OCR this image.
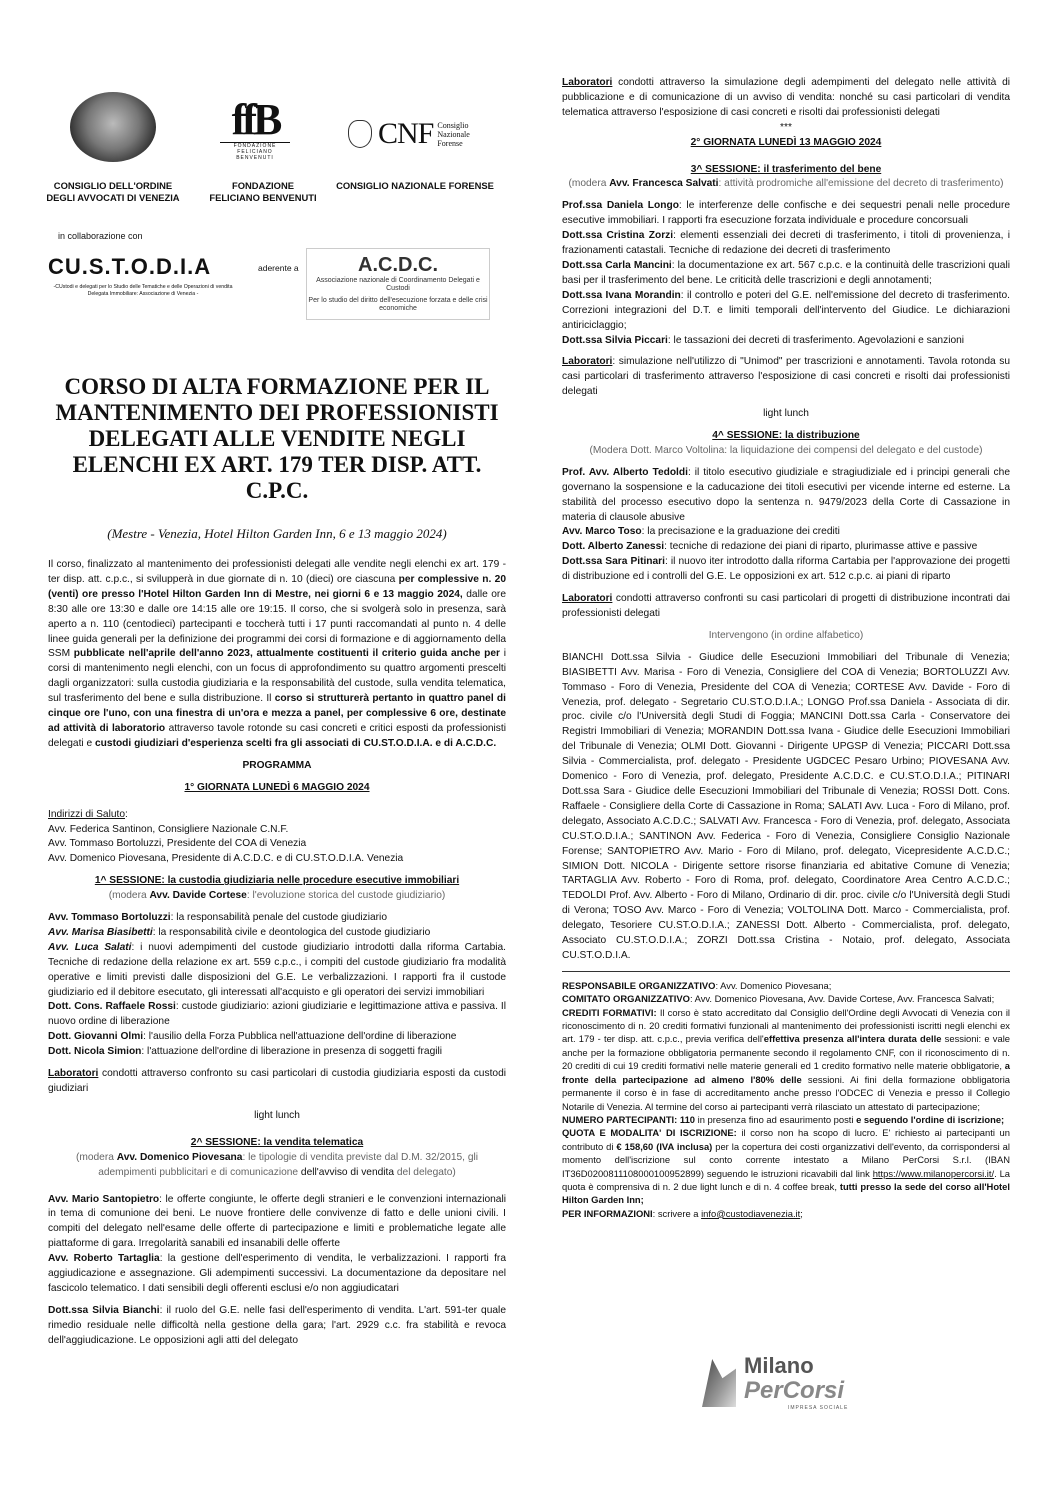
ffB
FONDAZIONE FELICIANO BENVENUTI
CNF Consiglio
Nazionale
Forense
CONSIGLIO DELL'ORDINE
DEGLI AVVOCATI DI VENEZIA
FONDAZIONE
FELICIANO BENVENUTI
CONSIGLIO NAZIONALE FORENSE
in collaborazione con
CU.S.T.O.D.I.A
-CUstodi e delegati per lo Studio delle Tematiche e delle Operazioni di vendita Delegata Immobiliare: Associazione di Venezia -
aderente a	A.C.D.C.
Associazione nazionale di Coordinamento Delegati e Custodi
Per lo studio del diritto dell'esecuzione forzata e delle crisi economiche
CORSO DI ALTA FORMAZIONE PER IL MANTENIMENTO DEI PROFESSIONISTI DELEGATI ALLE VENDITE NEGLI ELENCHI EX ART. 179 TER DISP. ATT. C.P.C.
(Mestre - Venezia, Hotel Hilton Garden Inn, 6 e 13 maggio 2024)

Il corso, finalizzato al mantenimento dei professionisti delegati alle vendite negli elenchi ex art. 179 - ter disp. att. c.p.c., si svilupperà in due giornate di n. 10 (dieci) ore ciascuna per complessive n. 20 (venti) ore presso l'Hotel Hilton Garden Inn di Mestre, nei giorni 6 e 13 maggio 2024, dalle ore 8:30 alle ore 13:30 e dalle ore 14:15 alle ore 19:15. Il corso, che si svolgerà solo in presenza, sarà aperto a n. 110 (centodieci) partecipanti e toccherà tutti i 17 punti raccomandati al punto n. 4 delle linee guida generali per la definizione dei programmi dei corsi di formazione e di aggiornamento della SSM pubblicate nell'aprile dell'anno 2023, attualmente costituenti il criterio guida anche per i corsi di mantenimento negli elenchi, con un focus di approfondimento su quattro argomenti prescelti dagli organizzatori: sulla custodia giudiziaria e la responsabilità del custode, sulla vendita telematica, sul trasferimento del bene e sulla distribuzione. Il corso si strutturerà pertanto in quattro panel di cinque ore l'uno, con una finestra di un'ora e mezza a panel, per complessive 6 ore, destinate ad attività di laboratorio attraverso tavole rotonde su casi concreti e critici esposti da professionisti delegati e custodi giudiziari d'esperienza scelti fra gli associati di CU.ST.O.D.I.A. e di A.C.D.C.

PROGRAMMA

1° GIORNATA LUNEDÌ 6 MAGGIO 2024

Indirizzi di Saluto:

Avv. Federica Santinon, Consigliere Nazionale C.N.F.

Avv. Tommaso Bortoluzzi, Presidente del COA di Venezia

Avv. Domenico Piovesana, Presidente di A.C.D.C. e di CU.ST.O.D.I.A. Venezia

1^ SESSIONE: la custodia giudiziaria nelle procedure esecutive immobiliari

(modera Avv. Davide Cortese: l'evoluzione storica del custode giudiziario)

Avv. Tommaso Bortoluzzi: la responsabilità penale del custode giudiziario

Avv. Marisa Biasibetti: la responsabilità civile e deontologica del custode giudiziario

Avv. Luca Salati: i nuovi adempimenti del custode giudiziario introdotti dalla riforma Cartabia. Tecniche di redazione della relazione ex art. 559 c.p.c., i compiti del custode giudiziario fra modalità operative e limiti previsti dalle disposizioni del G.E. Le verbalizzazioni. I rapporti fra il custode giudiziario ed il debitore esecutato, gli interessati all'acquisto e gli operatori dei servizi immobiliari

Dott. Cons. Raffaele Rossi: custode giudiziario: azioni giudiziarie e legittimazione attiva e passiva. Il nuovo ordine di liberazione

Dott. Giovanni Olmi: l'ausilio della Forza Pubblica nell'attuazione dell'ordine di liberazione

Dott. Nicola Simion: l'attuazione dell'ordine di liberazione in presenza di soggetti fragili

Laboratori condotti attraverso confronto su casi particolari di custodia giudiziaria esposti da custodi giudiziari

light lunch

2^ SESSIONE: la vendita telematica

(modera Avv. Domenico Piovesana: le tipologie di vendita previste dal D.M. 32/2015, gli adempimenti pubblicitari e di comunicazione dell'avviso di vendita del delegato)

Avv. Mario Santopietro: le offerte congiunte, le offerte degli stranieri e le convenzioni internazionali in tema di comunione dei beni. Le nuove frontiere delle convivenze di fatto e delle unioni civili. I compiti del delegato nell'esame delle offerte di partecipazione e limiti e problematiche legate alle piattaforme di gara. Irregolarità sanabili ed insanabili delle offerte

Avv. Roberto Tartaglia: la gestione dell'esperimento di vendita, le verbalizzazioni. I rapporti fra aggiudicazione e assegnazione. Gli adempimenti successivi. La documentazione da depositare nel fascicolo telematico. I dati sensibili degli offerenti esclusi e/o non aggiudicatari

Dott.ssa Silvia Bianchi: il ruolo del G.E. nelle fasi dell'esperimento di vendita. L'art. 591-ter quale rimedio residuale nelle difficoltà nella gestione della gara; l'art. 2929 c.c. fra stabilità e revoca dell'aggiudicazione. Le opposizioni agli atti del delegato

Laboratori condotti attraverso la simulazione degli adempimenti del delegato nelle attività di pubblicazione e di comunicazione di un avviso di vendita: nonché su casi particolari di vendita telematica attraverso l'esposizione di casi concreti e risolti dai professionisti delegati

***

2° GIORNATA LUNEDÌ 13 MAGGIO 2024

3^ SESSIONE: il trasferimento del bene

(modera Avv. Francesca Salvati: attività prodromiche all'emissione del decreto di trasferimento)

Prof.ssa Daniela Longo: le interferenze delle confische e dei sequestri penali nelle procedure esecutive immobiliari. I rapporti fra esecuzione forzata individuale e procedure concorsuali

Dott.ssa Cristina Zorzi: elementi essenziali dei decreti di trasferimento, i titoli di provenienza, i frazionamenti catastali. Tecniche di redazione dei decreti di trasferimento

Dott.ssa Carla Mancini: la documentazione ex art. 567 c.p.c. e la continuità delle trascrizioni quali basi per il trasferimento del bene. Le criticità delle trascrizioni e degli annotamenti;

Dott.ssa Ivana Morandin: il controllo e poteri del G.E. nell'emissione del decreto di trasferimento. Correzioni integrazioni del D.T. e limiti temporali dell'intervento del Giudice. Le dichiarazioni antiriciclaggio;

Dott.ssa Silvia Piccari: le tassazioni dei decreti di trasferimento. Agevolazioni e sanzioni

Laboratori: simulazione nell'utilizzo di "Unimod" per trascrizioni e annotamenti. Tavola rotonda su casi particolari di trasferimento attraverso l'esposizione di casi concreti e risolti dai professionisti delegati

light lunch

4^ SESSIONE: la distribuzione

(Modera Dott. Marco Voltolina: la liquidazione dei compensi del delegato e del custode)

Prof. Avv. Alberto Tedoldi: il titolo esecutivo giudiziale e stragiudiziale ed i principi generali che governano la sospensione e la caducazione dei titoli esecutivi per vicende interne ed esterne. La stabilità del processo esecutivo dopo la sentenza n. 9479/2023 della Corte di Cassazione in materia di clausole abusive

Avv. Marco Toso: la precisazione e la graduazione dei crediti

Dott. Alberto Zanessi: tecniche di redazione dei piani di riparto, plurimasse attive e passive

Dott.ssa Sara Pitinari: il nuovo iter introdotto dalla riforma Cartabia per l'approvazione dei progetti di distribuzione ed i controlli del G.E. Le opposizioni ex art. 512 c.p.c. ai piani di riparto

Laboratori condotti attraverso confronti su casi particolari di progetti di distribuzione incontrati dai professionisti delegati

Intervengono (in ordine alfabetico)

BIANCHI Dott.ssa Silvia - Giudice delle Esecuzioni Immobiliari del Tribunale di Venezia; BIASIBETTI Avv. Marisa - Foro di Venezia, Consigliere del COA di Venezia; BORTOLUZZI Avv. Tommaso - Foro di Venezia, Presidente del COA di Venezia; CORTESE Avv. Davide - Foro di Venezia, prof. delegato - Segretario CU.ST.O.D.I.A.; LONGO Prof.ssa Daniela - Associata di dir. proc. civile c/o l'Università degli Studi di Foggia; MANCINI Dott.ssa Carla - Conservatore dei Registri Immobiliari di Venezia; MORANDIN Dott.ssa Ivana - Giudice delle Esecuzioni Immobiliari del Tribunale di Venezia; OLMI Dott. Giovanni - Dirigente UPGSP di Venezia; PICCARI Dott.ssa Silvia - Commercialista, prof. delegato - Presidente UGDCEC Pesaro Urbino; PIOVESANA Avv. Domenico - Foro di Venezia, prof. delegato, Presidente A.C.D.C. e CU.ST.O.D.I.A.; PITINARI Dott.ssa Sara - Giudice delle Esecuzioni Immobiliari del Tribunale di Venezia; ROSSI Dott. Cons. Raffaele - Consigliere della Corte di Cassazione in Roma; SALATI Avv. Luca - Foro di Milano, prof. delegato, Associato A.C.D.C.; SALVATI Avv. Francesca - Foro di Venezia, prof. delegato, Associata CU.ST.O.D.I.A.; SANTINON Avv. Federica - Foro di Venezia, Consigliere Consiglio Nazionale Forense; SANTOPIETRO Avv. Mario - Foro di Milano, prof. delegato, Vicepresidente A.C.D.C.; SIMION Dott. NICOLA - Dirigente settore risorse finanziaria ed abitative Comune di Venezia; TARTAGLIA Avv. Roberto - Foro di Roma, prof. delegato, Coordinatore Area Centro A.C.D.C.; TEDOLDI Prof. Avv. Alberto - Foro di Milano, Ordinario di dir. proc. civile c/o l'Università degli Studi di Verona; TOSO Avv. Marco - Foro di Venezia; VOLTOLINA Dott. Marco - Commercialista, prof. delegato, Tesoriere CU.ST.O.D.I.A.; ZANESSI Dott. Alberto - Commercialista, prof. delegato, Associato CU.ST.O.D.I.A.; ZORZI Dott.ssa Cristina - Notaio, prof. delegato, Associata CU.ST.O.D.I.A.

RESPONSABILE ORGANIZZATIVO: Avv. Domenico Piovesana;

COMITATO ORGANIZZATIVO: Avv. Domenico Piovesana, Avv. Davide Cortese, Avv. Francesca Salvati;

CREDITI FORMATIVI: Il corso è stato accreditato dal Consiglio dell'Ordine degli Avvocati di Venezia con il riconoscimento di n. 20 crediti formativi funzionali al mantenimento dei professionisti iscritti negli elenchi ex art. 179 - ter disp. att. c.p.c., previa verifica dell'effettiva presenza all'intera durata delle sessioni: e vale anche per la formazione obbligatoria permanente secondo il regolamento CNF, con il riconoscimento di n. 20 crediti di cui 19 crediti formativi nelle materie generali ed 1 credito formativo nelle materie obbligatorie, a fronte della partecipazione ad almeno l'80% delle sessioni. Ai fini della formazione obbligatoria permanente il corso è in fase di accreditamento anche presso l'ODCEC di Venezia e presso il Collegio Notarile di Venezia. Al termine del corso ai partecipanti verrà rilasciato un attestato di partecipazione;

NUMERO PARTECIPANTI: 110 in presenza fino ad esaurimento posti e seguendo l'ordine di iscrizione;

QUOTA E MODALITA' DI ISCRIZIONE: il corso non ha scopo di lucro. E' richiesto ai partecipanti un contributo di € 158,60 (IVA inclusa) per la copertura dei costi organizzativi dell'evento, da corrispondersi al momento dell'iscrizione sul conto corrente intestato a Milano PerCorsi S.r.l. (IBAN IT36D0200811108000100952899) seguendo le istruzioni ricavabili dal link https://www.milanopercorsi.it/. La quota è comprensiva di n. 2 due light lunch e di n. 4 coffee break, tutti presso la sede del corso all'Hotel Hilton Garden Inn;

PER INFORMAZIONI: scrivere a info@custodiavenezia.it;

Milano
PerCorsi
IMPRESA SOCIALE
